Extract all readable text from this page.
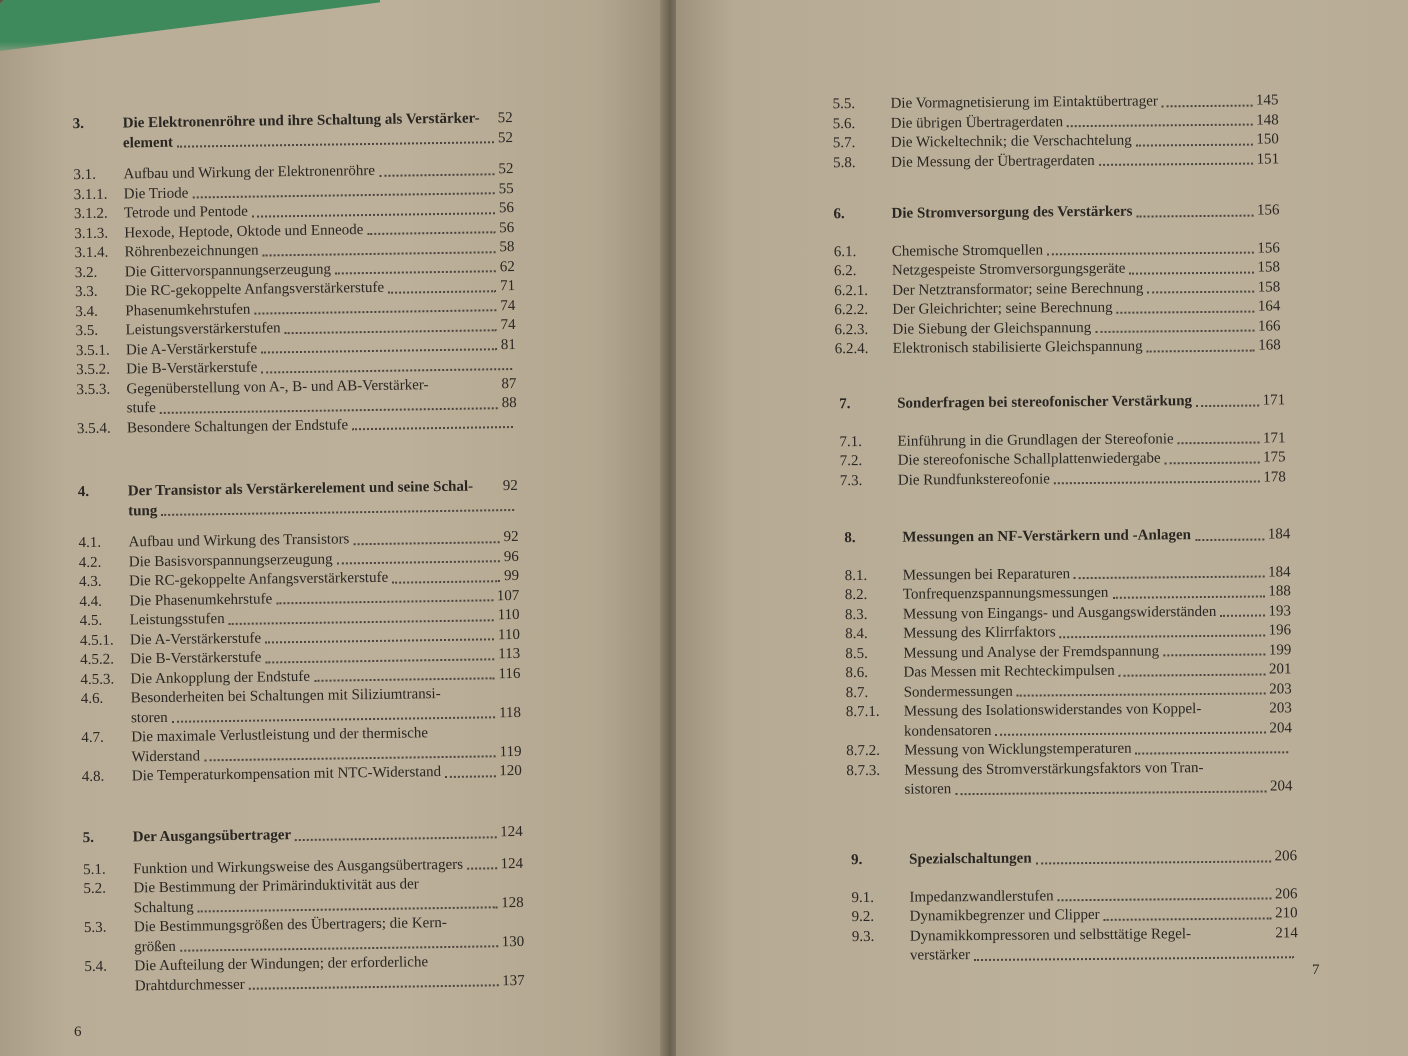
3.	Die Elektronenröhre und ihre Schaltung als Verstärker- 52
element	52
3.1.	Aufbau und Wirkung der Elektronenröhre	52
3.1.1.	Die Triode	55
3.1.2.	Tetrode und Pentode	56
3.1.3.	Hexode, Heptode, Oktode und Enneode	56
3.1.4.	Röhrenbezeichnungen	58
3.2.	Die Gittervorspannungserzeugung	62
3.3.	Die RC-gekoppelte Anfangsverstärkerstufe	71
3.4.	Phasenumkehrstufen	74
3.5.	Leistungsverstärkerstufen	74
3.5.1.	Die A-Verstärkerstufe	81
3.5.2.	Die B-Verstärkerstufe
3.5.3.	Gegenüberstellung von A-, B- und AB-Verstärker-	87
stufe	88
3.5.4.	Besondere Schaltungen der Endstufe
4.	Der Transistor als Verstärkerelement und seine Schal- 92
tung
4.1.	Aufbau und Wirkung des Transistors	92
4.2.	Die Basisvorspannungserzeugung	96
4.3.	Die RC-gekoppelte Anfangsverstärkerstufe	99
4.4.	Die Phasenumkehrstufe	107
4.5.	Leistungsstufen	110
4.5.1.	Die A-Verstärkerstufe	110
4.5.2.	Die B-Verstärkerstufe	113
4.5.3.	Die Ankopplung der Endstufe	116
4.6.	Besonderheiten bei Schaltungen mit Siliziumtransi-
storen	118
4.7.	Die maximale Verlustleistung und der thermische
Widerstand	119
4.8.	Die Temperaturkompensation mit NTC-Widerstand	120
5.	Der Ausgangsübertrager	124
5.1.	Funktion und Wirkungsweise des Ausgangsübertragers 124
5.2.	Die Bestimmung der Primärinduktivität aus der
Schaltung	128
5.3.	Die Bestimmungsgrößen des Übertragers; die Kern-
größen	130
5.4.	Die Aufteilung der Windungen; der erforderliche
Drahtdurchmesser	137
6
5.5.	Die Vormagnetisierung im Eintaktübertrager	145
5.6.	Die übrigen Übertragerdaten	148
5.7.	Die Wickeltechnik; die Verschachtelung	150
5.8.	Die Messung der Übertragerdaten	151
6.	Die Stromversorgung des Verstärkers	156
6.1.	Chemische Stromquellen	156
6.2.	Netzgespeiste Stromversorgungsgeräte	158
6.2.1.	Der Netztransformator; seine Berechnung	158
6.2.2.	Der Gleichrichter; seine Berechnung	164
6.2.3.	Die Siebung der Gleichspannung	166
6.2.4.	Elektronisch stabilisierte Gleichspannung	168
7.	Sonderfragen bei stereofonischer Verstärkung	171
7.1.	Einführung in die Grundlagen der Stereofonie	171
7.2.	Die stereofonische Schallplattenwiedergabe	175
7.3.	Die Rundfunkstereofonie	178
8.	Messungen an NF-Verstärkern und -Anlagen	184
8.1.	Messungen bei Reparaturen	184
8.2.	Tonfrequenzspannungsmessungen	188
8.3.	Messung von Eingangs- und Ausgangswiderständen	193
8.4.	Messung des Klirrfaktors	196
8.5.	Messung und Analyse der Fremdspannung	199
8.6.	Das Messen mit Rechteckimpulsen	201
8.7.	Sondermessungen	203
8.7.1.	Messung des Isolationswiderstandes von Koppel-	203
kondensatoren	204
8.7.2.	Messung von Wicklungstemperaturen
8.7.3.	Messung des Stromverstärkungsfaktors von Tran-
sistoren	204
9.	Spezialschaltungen	206
9.1.	Impedanzwandlerstufen	206
9.2.	Dynamikbegrenzer und Clipper	210
9.3.	Dynamikkompressoren und selbsttätige Regel-	214
verstärker
7
